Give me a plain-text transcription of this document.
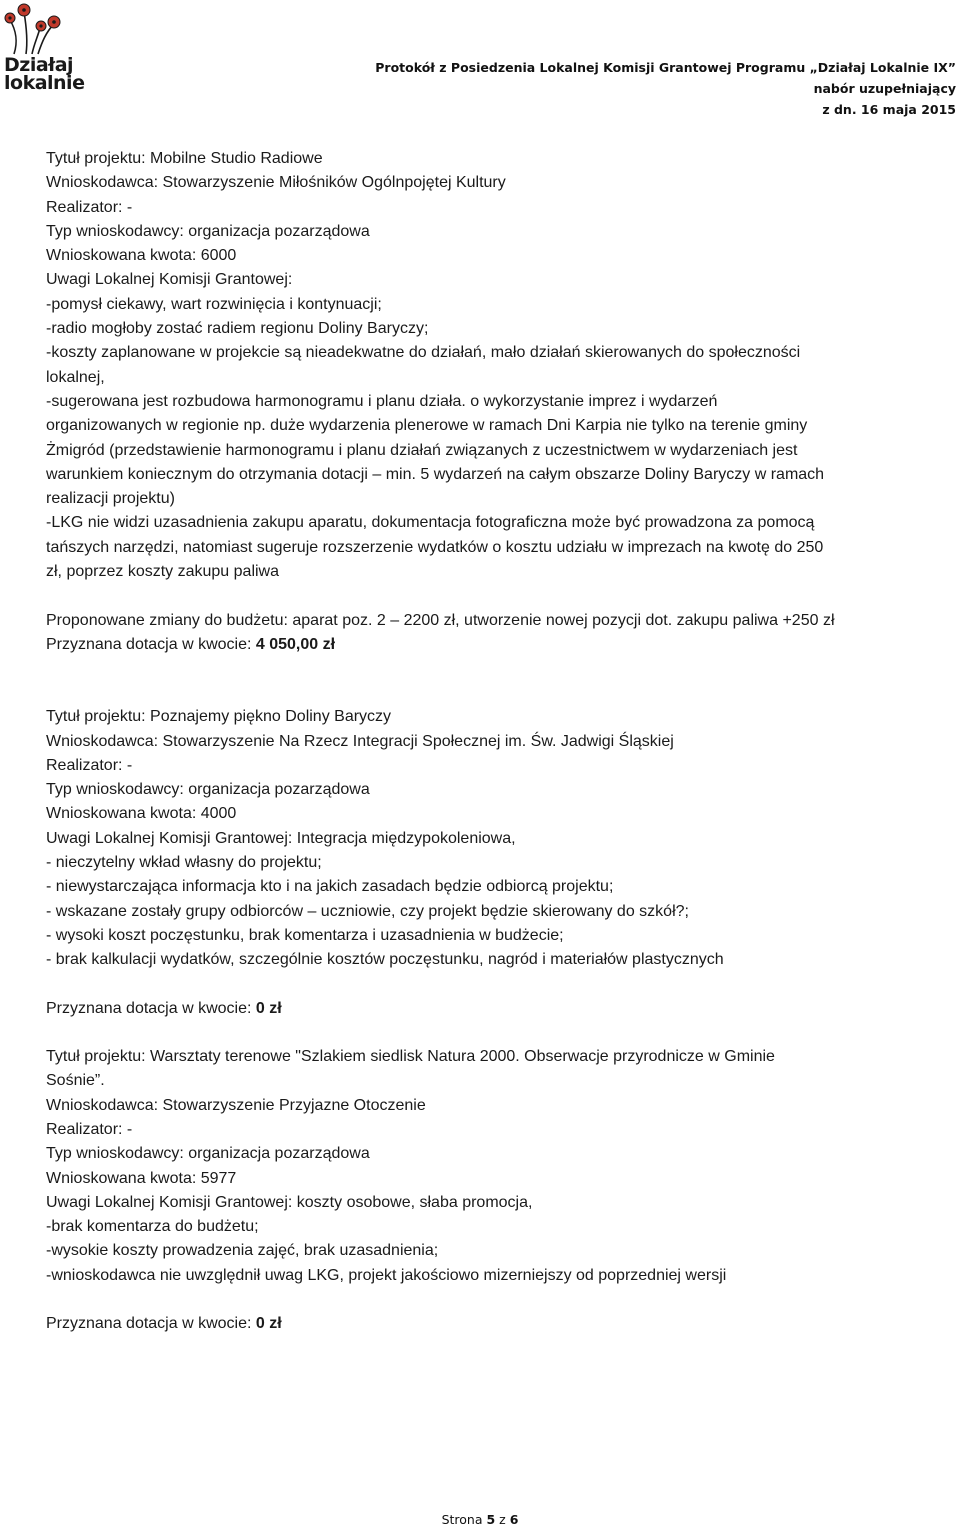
Działaj
lokalnie
Protokół z Posiedzenia Lokalnej Komisji Grantowej Programu „Działaj Lokalnie IX”
nabór uzupełniający
z dn. 16 maja 2015
Tytuł projektu: Mobilne Studio Radiowe
Wnioskodawca: Stowarzyszenie Miłośników Ogólnpojętej Kultury
Realizator: -
Typ wnioskodawcy: organizacja pozarządowa
Wnioskowana kwota: 6000
Uwagi Lokalnej Komisji Grantowej:
-pomysł ciekawy, wart rozwinięcia i kontynuacji;
-radio mogłoby zostać radiem regionu Doliny Baryczy;
-koszty zaplanowane w projekcie są nieadekwatne do działań, mało działań skierowanych do społeczności
lokalnej,
-sugerowana jest rozbudowa harmonogramu i planu działa. o wykorzystanie imprez i wydarzeń
organizowanych w regionie np. duże wydarzenia plenerowe w ramach Dni Karpia nie tylko na terenie gminy
Żmigród (przedstawienie harmonogramu i planu działań związanych z uczestnictwem w wydarzeniach jest
warunkiem koniecznym do otrzymania dotacji – min. 5 wydarzeń na całym obszarze Doliny Baryczy w ramach
realizacji projektu)
-LKG nie widzi uzasadnienia zakupu aparatu, dokumentacja fotograficzna może być prowadzona za pomocą
tańszych narzędzi, natomiast sugeruje rozszerzenie wydatków o kosztu udziału w imprezach na kwotę do 250
zł, poprzez koszty zakupu paliwa
Proponowane zmiany do budżetu: aparat poz. 2 – 2200 zł, utworzenie nowej pozycji dot. zakupu paliwa +250 zł
Przyznana dotacja w kwocie: 4 050,00 zł
Tytuł projektu: Poznajemy piękno Doliny Baryczy
Wnioskodawca: Stowarzyszenie Na Rzecz Integracji Społecznej im. Św. Jadwigi Śląskiej
Realizator: -
Typ wnioskodawcy: organizacja pozarządowa
Wnioskowana kwota: 4000
Uwagi Lokalnej Komisji Grantowej: Integracja międzypokoleniowa,
- nieczytelny wkład własny do projektu;
- niewystarczająca informacja kto i na jakich zasadach będzie odbiorcą projektu;
- wskazane zostały grupy odbiorców – uczniowie, czy projekt będzie skierowany do szkół?;
- wysoki koszt poczęstunku, brak komentarza i uzasadnienia w budżecie;
- brak kalkulacji wydatków, szczególnie kosztów poczęstunku, nagród i materiałów plastycznych
Przyznana dotacja w kwocie: 0 zł
Tytuł projektu: Warsztaty terenowe "Szlakiem siedlisk Natura 2000. Obserwacje przyrodnicze w Gminie
Sośnie”.
Wnioskodawca: Stowarzyszenie Przyjazne Otoczenie
Realizator: -
Typ wnioskodawcy: organizacja pozarządowa
Wnioskowana kwota: 5977
Uwagi Lokalnej Komisji Grantowej: koszty osobowe, słaba promocja,
-brak komentarza do budżetu;
-wysokie koszty prowadzenia zajęć, brak uzasadnienia;
-wnioskodawca nie uwzględnił uwag LKG, projekt jakościowo mizerniejszy od poprzedniej wersji
Przyznana dotacja w kwocie: 0 zł
Strona 5 z 6
